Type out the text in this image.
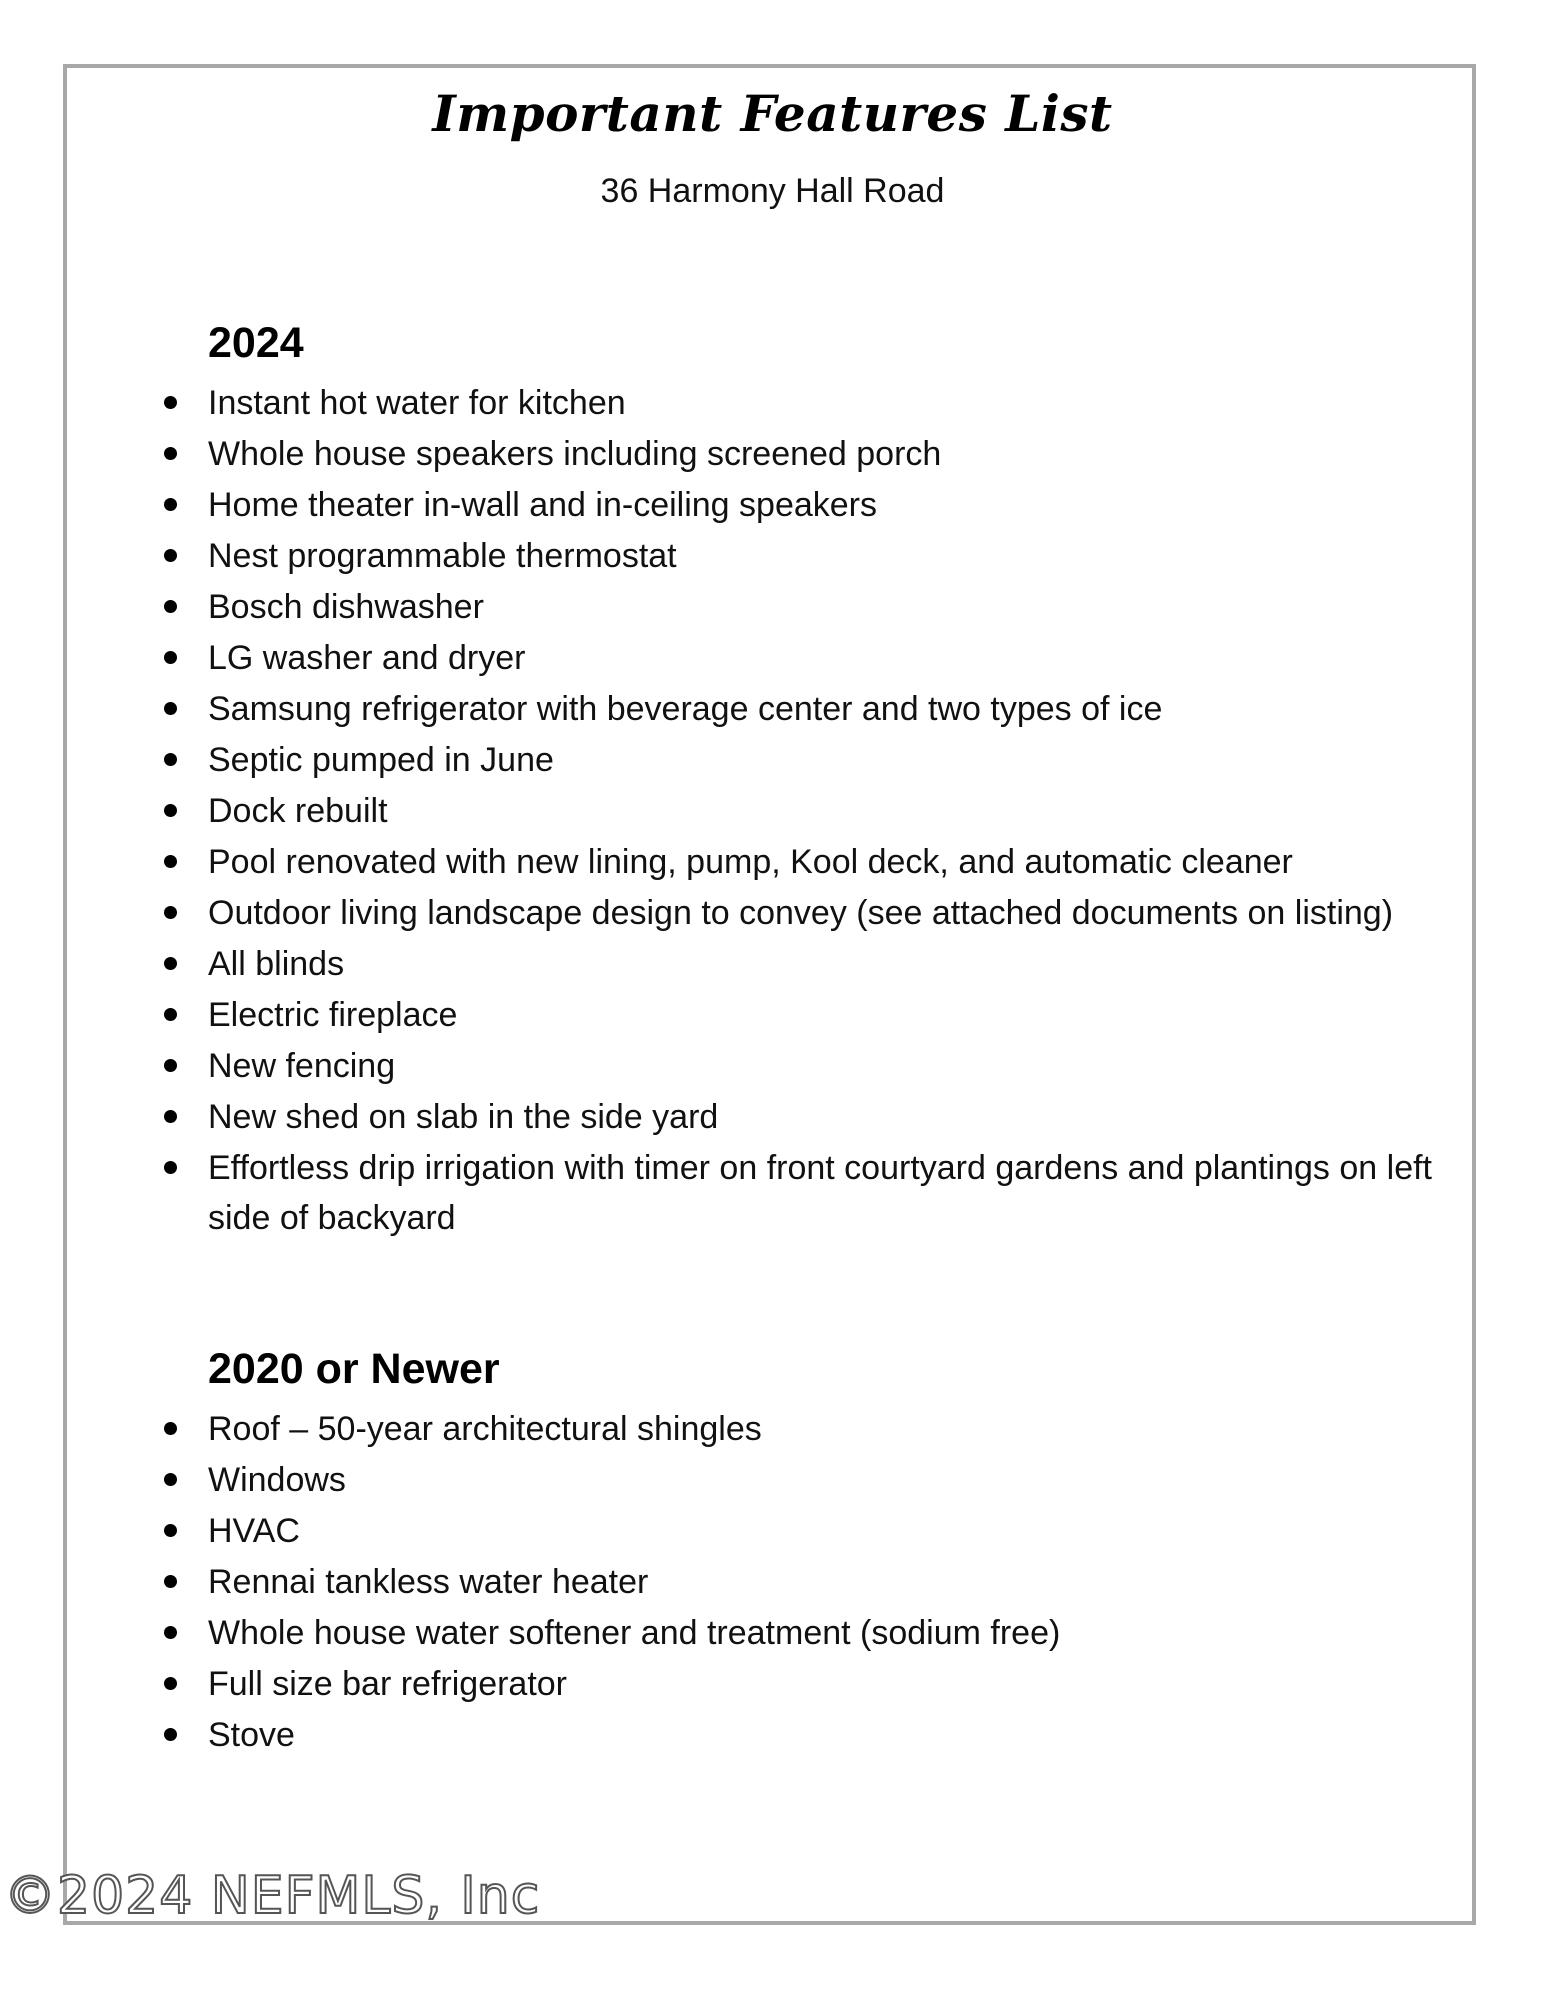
Important Features List
36 Harmony Hall Road
2024
Instant hot water for kitchen
Whole house speakers including screened porch
Home theater in-wall and in-ceiling speakers
Nest programmable thermostat
Bosch dishwasher
LG washer and dryer
Samsung refrigerator with beverage center and two types of ice
Septic pumped in June
Dock rebuilt
Pool renovated with new lining, pump, Kool deck, and automatic cleaner
Outdoor living landscape design to convey (see attached documents on listing)
All blinds
Electric fireplace
New fencing
New shed on slab in the side yard
Effortless drip irrigation with timer on front courtyard gardens and plantings on left side of backyard
2020 or Newer
Roof – 50-year architectural shingles
Windows
HVAC
Rennai tankless water heater
Whole house water softener and treatment (sodium free)
Full size bar refrigerator
Stove
©2024 NEFMLS, Inc
